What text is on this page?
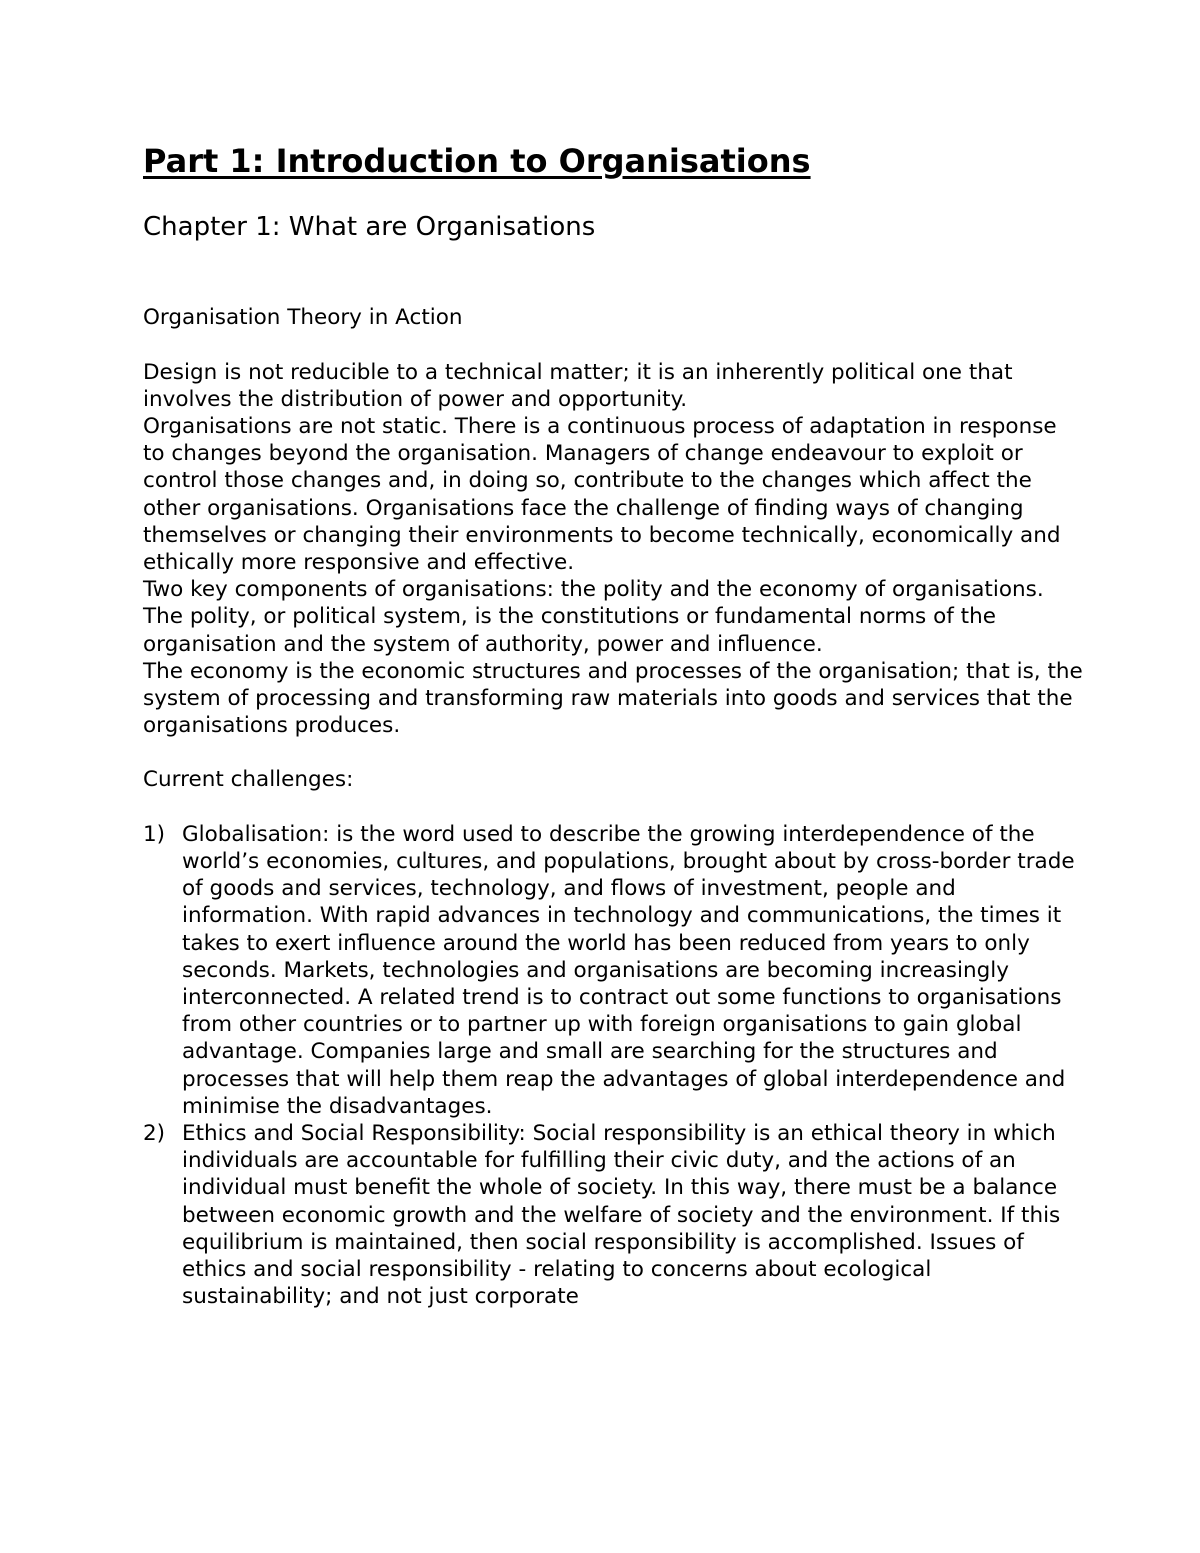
Part 1: Introduction to Organisations
Chapter 1: What are Organisations

Organisation Theory in Action

Design is not reducible to a technical matter; it is an inherently political one that involves the distribution of power and opportunity.

Organisations are not static. There is a continuous process of adaptation in response to changes beyond the organisation. Managers of change endeavour to exploit or control those changes and, in doing so, contribute to the changes which affect the other organisations. Organisations face the challenge of finding ways of changing themselves or changing their environments to become technically, economically and ethically more responsive and effective.

Two key components of organisations: the polity and the economy of organisations.

The polity, or political system, is the constitutions or fundamental norms of the organisation and the system of authority, power and influence.

The economy is the economic structures and processes of the organisation; that is, the system of processing and transforming raw materials into goods and services that the organisations produces.

Current challenges:

1) Globalisation: is the word used to describe the growing interdependence of the world’s economies, cultures, and populations, brought about by cross-border trade of goods and services, technology, and flows of investment, people and information. With rapid advances in technology and communications, the times it takes to exert influence around the world has been reduced from years to only seconds. Markets, technologies and organisations are becoming increasingly interconnected. A related trend is to contract out some functions to organisations from other countries or to partner up with foreign organisations to gain global advantage. Companies large and small are searching for the structures and processes that will help them reap the advantages of global interdependence and minimise the disadvantages.
2) Ethics and Social Responsibility: Social responsibility is an ethical theory in which individuals are accountable for fulfilling their civic duty, and the actions of an individual must benefit the whole of society. In this way, there must be a balance between economic growth and the welfare of society and the environment. If this equilibrium is maintained, then social responsibility is accomplished. Issues of ethics and social responsibility - relating to concerns about ecological sustainability; and not just corporate
